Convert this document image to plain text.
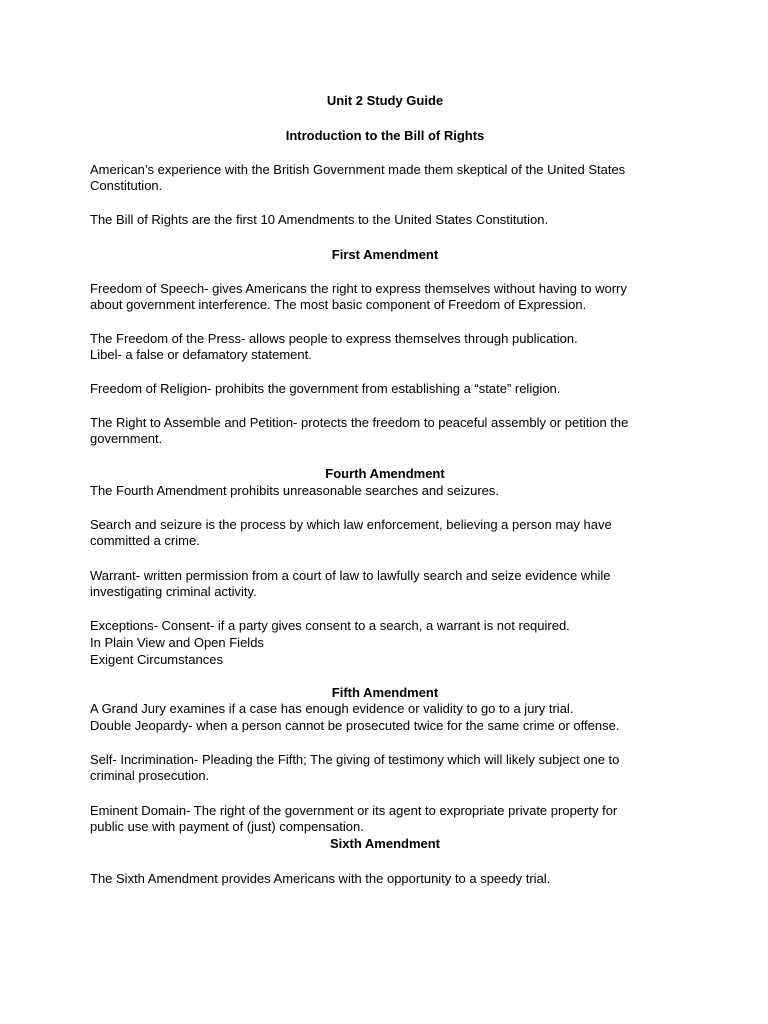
Unit 2 Study Guide

Introduction to the Bill of Rights

American’s experience with the British Government made them skeptical of the United States

Constitution.

The Bill of Rights are the first 10 Amendments to the United States Constitution.

First Amendment

Freedom of Speech- gives Americans the right to express themselves without having to worry

about government interference. The most basic component of Freedom of Expression.

The Freedom of the Press- allows people to express themselves through publication.

Libel- a false or defamatory statement.

Freedom of Religion- prohibits the government from establishing a “state” religion.

The Right to Assemble and Petition- protects the freedom to peaceful assembly or petition the

government.

Fourth Amendment

The Fourth Amendment prohibits unreasonable searches and seizures.

Search and seizure is the process by which law enforcement, believing a person may have

committed a crime.

Warrant- written permission from a court of law to lawfully search and seize evidence while

investigating criminal activity.

Exceptions- Consent- if a party gives consent to a search, a warrant is not required.

In Plain View and Open Fields

Exigent Circumstances

Fifth Amendment

A Grand Jury examines if a case has enough evidence or validity to go to a jury trial.

Double Jeopardy- when a person cannot be prosecuted twice for the same crime or offense.

Self- Incrimination- Pleading the Fifth; The giving of testimony which will likely subject one to

criminal prosecution.

Eminent Domain- The right of the government or its agent to expropriate private property for

public use with payment of (just) compensation.

Sixth Amendment

The Sixth Amendment provides Americans with the opportunity to a speedy trial.
